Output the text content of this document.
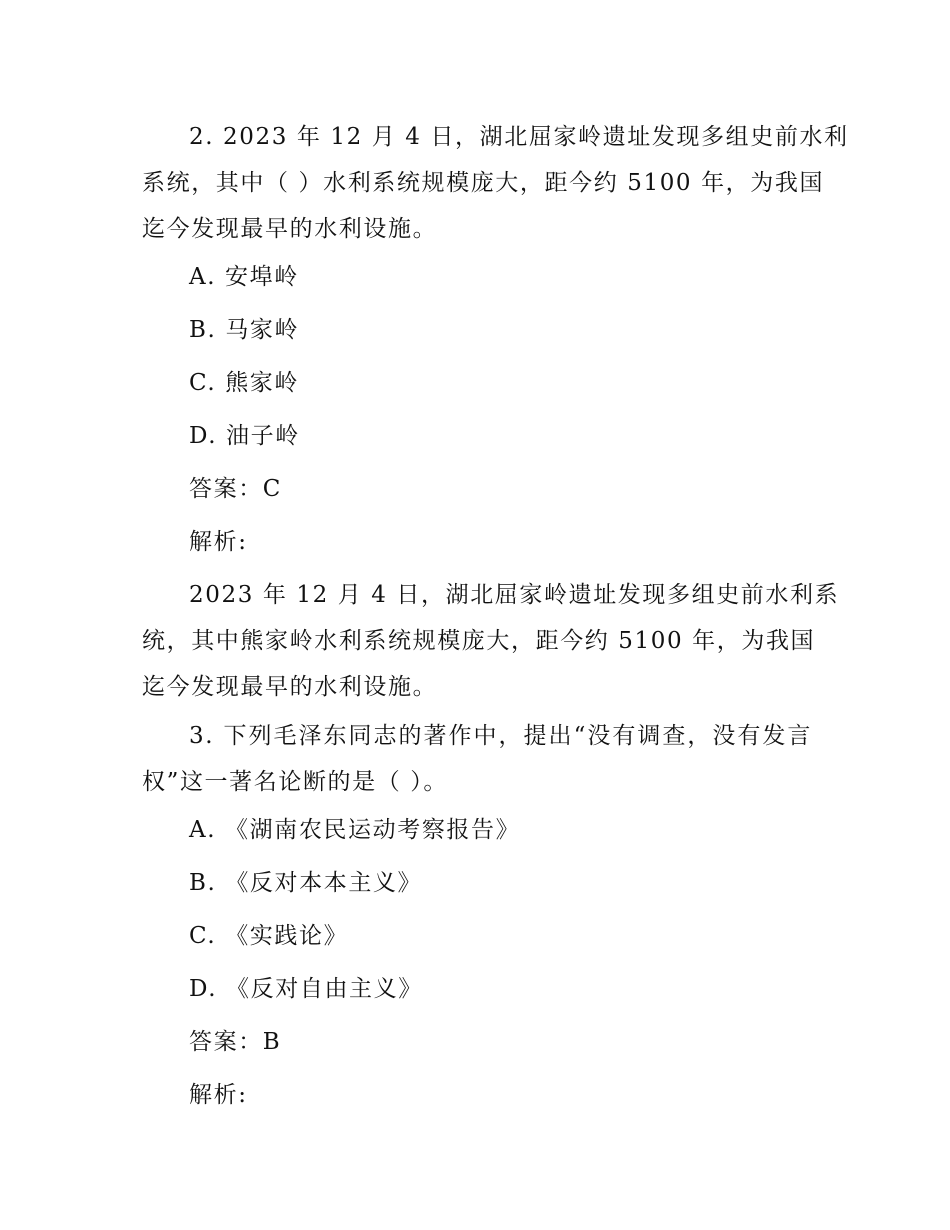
2. 2023 年 12 月 4 日，湖北屈家岭遗址发现多组史前水利
系统，其中（ ）水利系统规模庞大，距今约 5100 年，为我国
迄今发现最早的水利设施。
A. 安埠岭
B. 马家岭
C. 熊家岭
D. 油子岭
答案：C
解析:
2023 年 12 月 4 日，湖北屈家岭遗址发现多组史前水利系
统，其中熊家岭水利系统规模庞大，距今约 5100 年，为我国
迄今发现最早的水利设施。
3. 下列毛泽东同志的著作中，提出“没有调查，没有发言
权”这一著名论断的是（ ）。
A. 《湖南农民运动考察报告》
B. 《反对本本主义》
C. 《实践论》
D. 《反对自由主义》
答案：B
解析:
